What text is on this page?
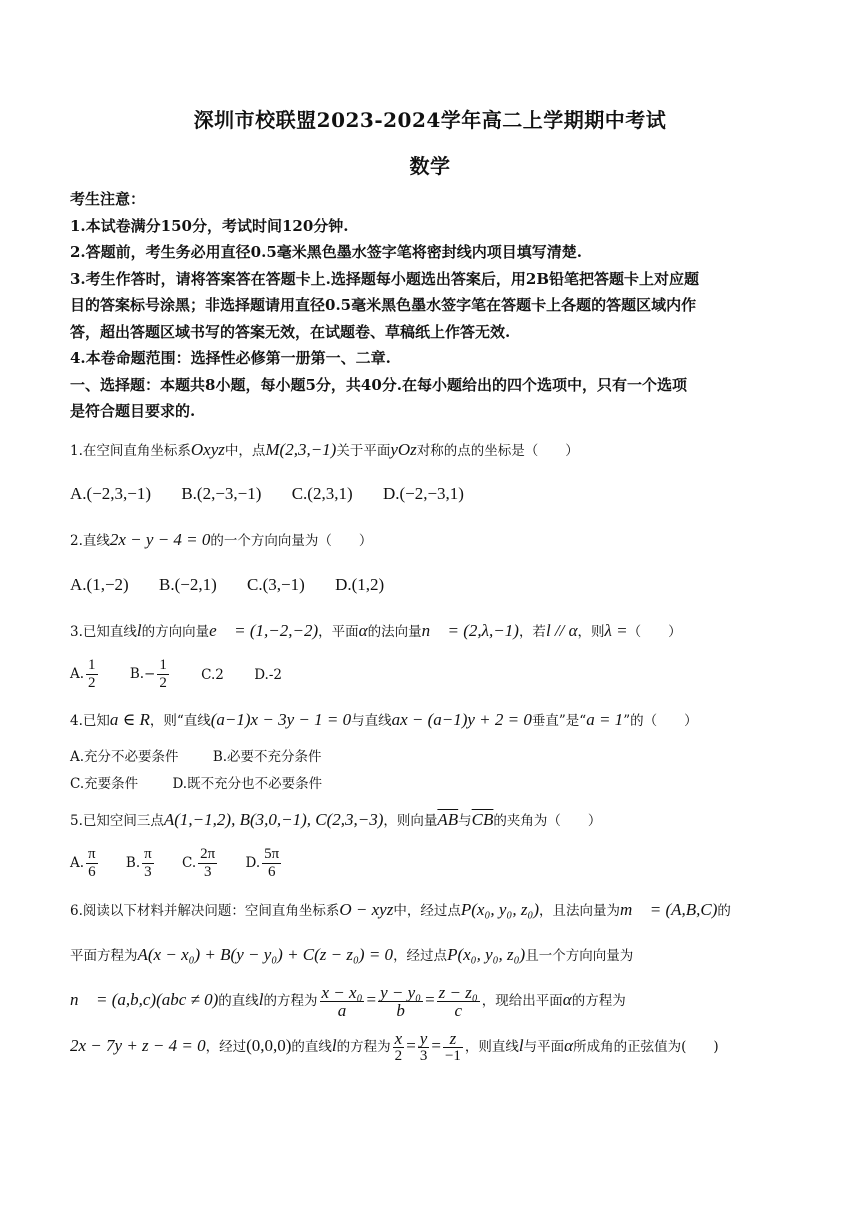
深圳市校联盟2023-2024学年高二上学期期中考试
数学
考生注意：
1.本试卷满分150分，考试时间120分钟.
2.答题前，考生务必用直径0.5毫米黑色墨水签字笔将密封线内项目填写清楚.
3.考生作答时，请将答案答在答题卡上.选择题每小题选出答案后，用2B铅笔把答题卡上对应题
目的答案标号涂黑；非选择题请用直径0.5毫米黑色墨水签字笔在答题卡上各题的答题区域内作
答，超出答题区域书写的答案无效，在试题卷、草稿纸上作答无效.
4.本卷命题范围：选择性必修第一册第一、二章.
一、选择题：本题共8小题，每小题5分，共40分.在每小题给出的四个选项中，只有一个选项
是符合题目要求的.
1.在空间直角坐标系Oxyz中，点M(2,3,−1)关于平面yOz对称的点的坐标是（　　）
A.(−2,3,−1) B.(2,−3,−1) C.(2,3,1) D.(−2,−3,1)
2.直线2x − y − 4 = 0的一个方向向量为（　　）
A.(1,−2) B.(−2,1) C.(3,−1) D.(1,2)
3.已知直线l的方向向量e⃗ = (1,−2,−2)，平面α的法向量n⃗ = (2,λ,−1)，若l // α，则λ =（　　）
A. $\frac{1}{2} B.- \frac{1}{2} C.2$ D.-2
4.已知a ∈ R，则“直线(a−1)x − 3y − 1 = 0与直线ax − (a−1)y + 2 = 0垂直”是“a = 1”的（　　）
A.充分不必要条件	B.必要不充分条件
C.充要条件	D.既不充分也不必要条件
5.已知空间三点A(1,−1,2), B(3,0,−1), C(2,3,−3)，则向量$\overline{AB}$与$\overline{CB}$的夹角为（　　）
A. $\frac{\pi}{6} B$. $\frac{\pi}{3} C$. $\frac{2\pi}{3} D$. $\frac{5\pi}{6}$
6.阅读以下材料并解决问题：空间直角坐标系O − xyz中，经过点P(x₀, y₀, z₀)，且法向量为m⃗ = (A,B,C)的
平面方程为A(x − x₀) + B(y − y₀) + C(z − z₀) = 0，经过点P(x₀, y₀, z₀)且一个方向向量为
n⃗ = (a,b,c)(abc ≠ 0)的直线l的方程为 $\frac{\text{x − x₀}}{a} = \frac{\text{y − y₀}}{b} = \frac{\text{z − z₀}}{c}$ ，现给出平面α的方程为
2x − 7y + z − 4 = 0，经过(0,0,0)的直线l的方程为 $\frac{x}{2} = \frac{y}{3} = \frac{z}{-1}$ ，则直线l与平面α所成角的正弦值为(　　)
